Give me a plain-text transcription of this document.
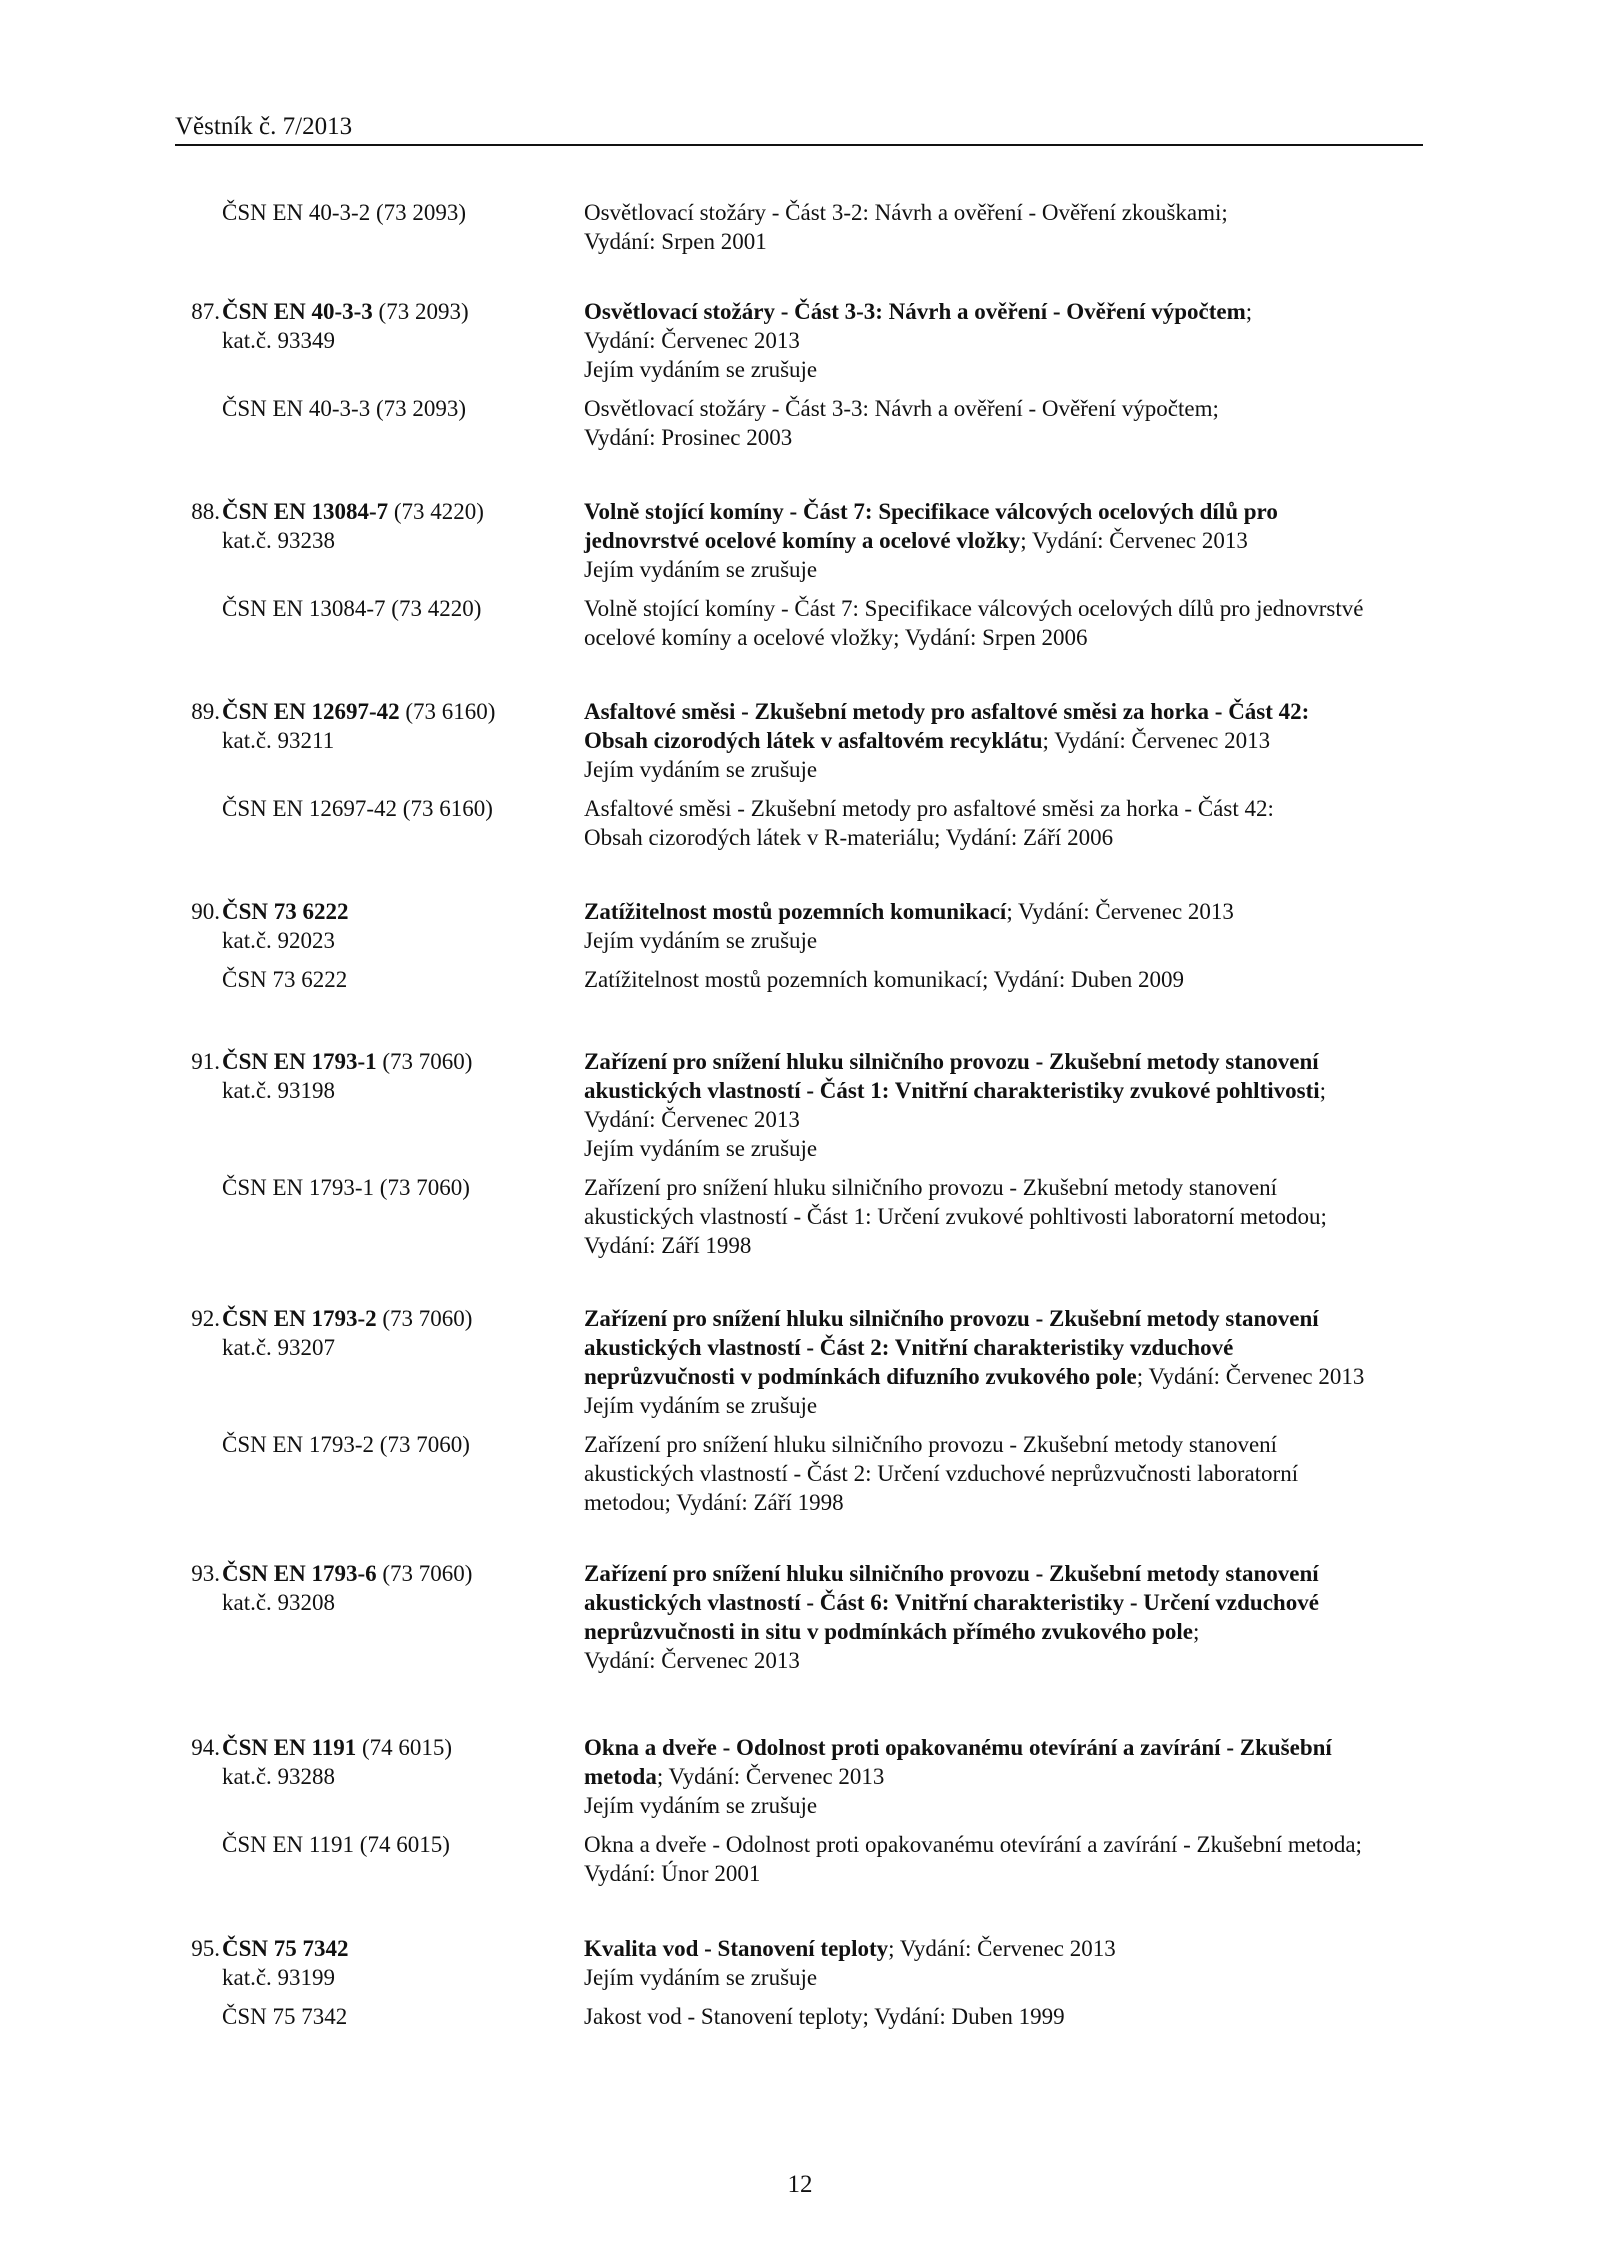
Věstník č. 7/2013
ČSN EN 40-3-2 (73 2093)	Osvětlovací stožáry - Část 3-2: Návrh a ověření - Ověření zkouškami;
Vydání: Srpen 2001
87. ČSN EN 40-3-3 (73 2093)	Osvětlovací stožáry - Část 3-3: Návrh a ověření - Ověření výpočtem;
kat.č. 93349	Vydání: Červenec 2013
Jejím vydáním se zrušuje
ČSN EN 40-3-3 (73 2093)	Osvětlovací stožáry - Část 3-3: Návrh a ověření - Ověření výpočtem;
Vydání: Prosinec 2003
88. ČSN EN 13084-7 (73 4220)	Volně stojící komíny - Část 7: Specifikace válcových ocelových dílů pro
kat.č. 93238	jednovrstvé ocelové komíny a ocelové vložky; Vydání: Červenec 2013
Jejím vydáním se zrušuje
ČSN EN 13084-7 (73 4220)	Volně stojící komíny - Část 7: Specifikace válcových ocelových dílů pro jednovrstvé
ocelové komíny a ocelové vložky; Vydání: Srpen 2006
89. ČSN EN 12697-42 (73 6160)	Asfaltové směsi - Zkušební metody pro asfaltové směsi za horka - Část 42:
kat.č. 93211	Obsah cizorodých látek v asfaltovém recyklátu; Vydání: Červenec 2013
Jejím vydáním se zrušuje
ČSN EN 12697-42 (73 6160)	Asfaltové směsi - Zkušební metody pro asfaltové směsi za horka - Část 42:
Obsah cizorodých látek v R-materiálu; Vydání: Září 2006
90. ČSN 73 6222	Zatížitelnost mostů pozemních komunikací; Vydání: Červenec 2013
kat.č. 92023	Jejím vydáním se zrušuje
ČSN 73 6222	Zatížitelnost mostů pozemních komunikací; Vydání: Duben 2009
91. ČSN EN 1793-1 (73 7060)	Zařízení pro snížení hluku silničního provozu - Zkušební metody stanovení
kat.č. 93198	akustických vlastností - Část 1: Vnitřní charakteristiky zvukové pohltivosti;
Vydání: Červenec 2013
Jejím vydáním se zrušuje
ČSN EN 1793-1 (73 7060)	Zařízení pro snížení hluku silničního provozu - Zkušební metody stanovení
akustických vlastností - Část 1: Určení zvukové pohltivosti laboratorní metodou;
Vydání: Září 1998
92. ČSN EN 1793-2 (73 7060)	Zařízení pro snížení hluku silničního provozu - Zkušební metody stanovení
kat.č. 93207	akustických vlastností - Část 2: Vnitřní charakteristiky vzduchové
neprůzvučnosti v podmínkách difuzního zvukového pole; Vydání: Červenec 2013
Jejím vydáním se zrušuje
ČSN EN 1793-2 (73 7060)	Zařízení pro snížení hluku silničního provozu - Zkušební metody stanovení
akustických vlastností - Část 2: Určení vzduchové neprůzvučnosti laboratorní
metodou; Vydání: Září 1998
93. ČSN EN 1793-6 (73 7060)	Zařízení pro snížení hluku silničního provozu - Zkušební metody stanovení
kat.č. 93208	akustických vlastností - Část 6: Vnitřní charakteristiky - Určení vzduchové
neprůzvučnosti in situ v podmínkách přímého zvukového pole;
Vydání: Červenec 2013
94. ČSN EN 1191 (74 6015)	Okna a dveře - Odolnost proti opakovanému otevírání a zavírání - Zkušební
kat.č. 93288	metoda; Vydání: Červenec 2013
Jejím vydáním se zrušuje
ČSN EN 1191 (74 6015)	Okna a dveře - Odolnost proti opakovanému otevírání a zavírání - Zkušební metoda;
Vydání: Únor 2001
95. ČSN 75 7342	Kvalita vod - Stanovení teploty; Vydání: Červenec 2013
kat.č. 93199	Jejím vydáním se zrušuje
ČSN 75 7342	Jakost vod - Stanovení teploty; Vydání: Duben 1999
12
